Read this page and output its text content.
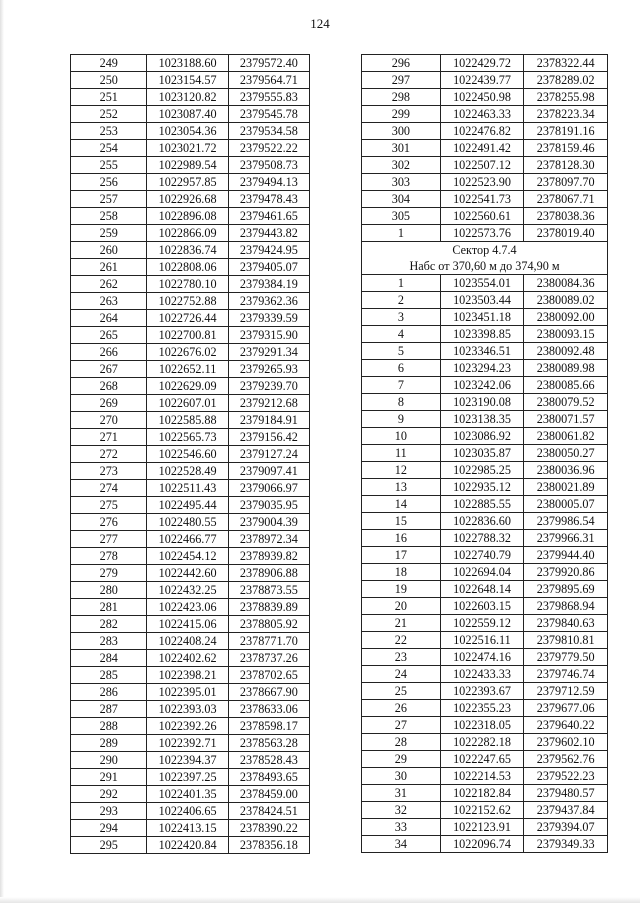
124
249	1023188.60	2379572.40
250	1023154.57	2379564.71
251	1023120.82	2379555.83
252	1023087.40	2379545.78
253	1023054.36	2379534.58
254	1023021.72	2379522.22
255	1022989.54	2379508.73
256	1022957.85	2379494.13
257	1022926.68	2379478.43
258	1022896.08	2379461.65
259	1022866.09	2379443.82
260	1022836.74	2379424.95
261	1022808.06	2379405.07
262	1022780.10	2379384.19
263	1022752.88	2379362.36
264	1022726.44	2379339.59
265	1022700.81	2379315.90
266	1022676.02	2379291.34
267	1022652.11	2379265.93
268	1022629.09	2379239.70
269	1022607.01	2379212.68
270	1022585.88	2379184.91
271	1022565.73	2379156.42
272	1022546.60	2379127.24
273	1022528.49	2379097.41
274	1022511.43	2379066.97
275	1022495.44	2379035.95
276	1022480.55	2379004.39
277	1022466.77	2378972.34
278	1022454.12	2378939.82
279	1022442.60	2378906.88
280	1022432.25	2378873.55
281	1022423.06	2378839.89
282	1022415.06	2378805.92
283	1022408.24	2378771.70
284	1022402.62	2378737.26
285	1022398.21	2378702.65
286	1022395.01	2378667.90
287	1022393.03	2378633.06
288	1022392.26	2378598.17
289	1022392.71	2378563.28
290	1022394.37	2378528.43
291	1022397.25	2378493.65
292	1022401.35	2378459.00
293	1022406.65	2378424.51
294	1022413.15	2378390.22
295	1022420.84	2378356.18
296	1022429.72	2378322.44
297	1022439.77	2378289.02
298	1022450.98	2378255.98
299	1022463.33	2378223.34
300	1022476.82	2378191.16
301	1022491.42	2378159.46
302	1022507.12	2378128.30
303	1022523.90	2378097.70
304	1022541.73	2378067.71
305	1022560.61	2378038.36
1	1022573.76	2378019.40
Сектор 4.7.4		
Набс от 370,60 м до 374,90 м		
1	1023554.01	2380084.36
2	1023503.44	2380089.02
3	1023451.18	2380092.00
4	1023398.85	2380093.15
5	1023346.51	2380092.48
6	1023294.23	2380089.98
7	1023242.06	2380085.66
8	1023190.08	2380079.52
9	1023138.35	2380071.57
10	1023086.92	2380061.82
11	1023035.87	2380050.27
12	1022985.25	2380036.96
13	1022935.12	2380021.89
14	1022885.55	2380005.07
15	1022836.60	2379986.54
16	1022788.32	2379966.31
17	1022740.79	2379944.40
18	1022694.04	2379920.86
19	1022648.14	2379895.69
20	1022603.15	2379868.94
21	1022559.12	2379840.63
22	1022516.11	2379810.81
23	1022474.16	2379779.50
24	1022433.33	2379746.74
25	1022393.67	2379712.59
26	1022355.23	2379677.06
27	1022318.05	2379640.22
28	1022282.18	2379602.10
29	1022247.65	2379562.76
30	1022214.53	2379522.23
31	1022182.84	2379480.57
32	1022152.62	2379437.84
33	1022123.91	2379394.07
34	1022096.74	2379349.33
